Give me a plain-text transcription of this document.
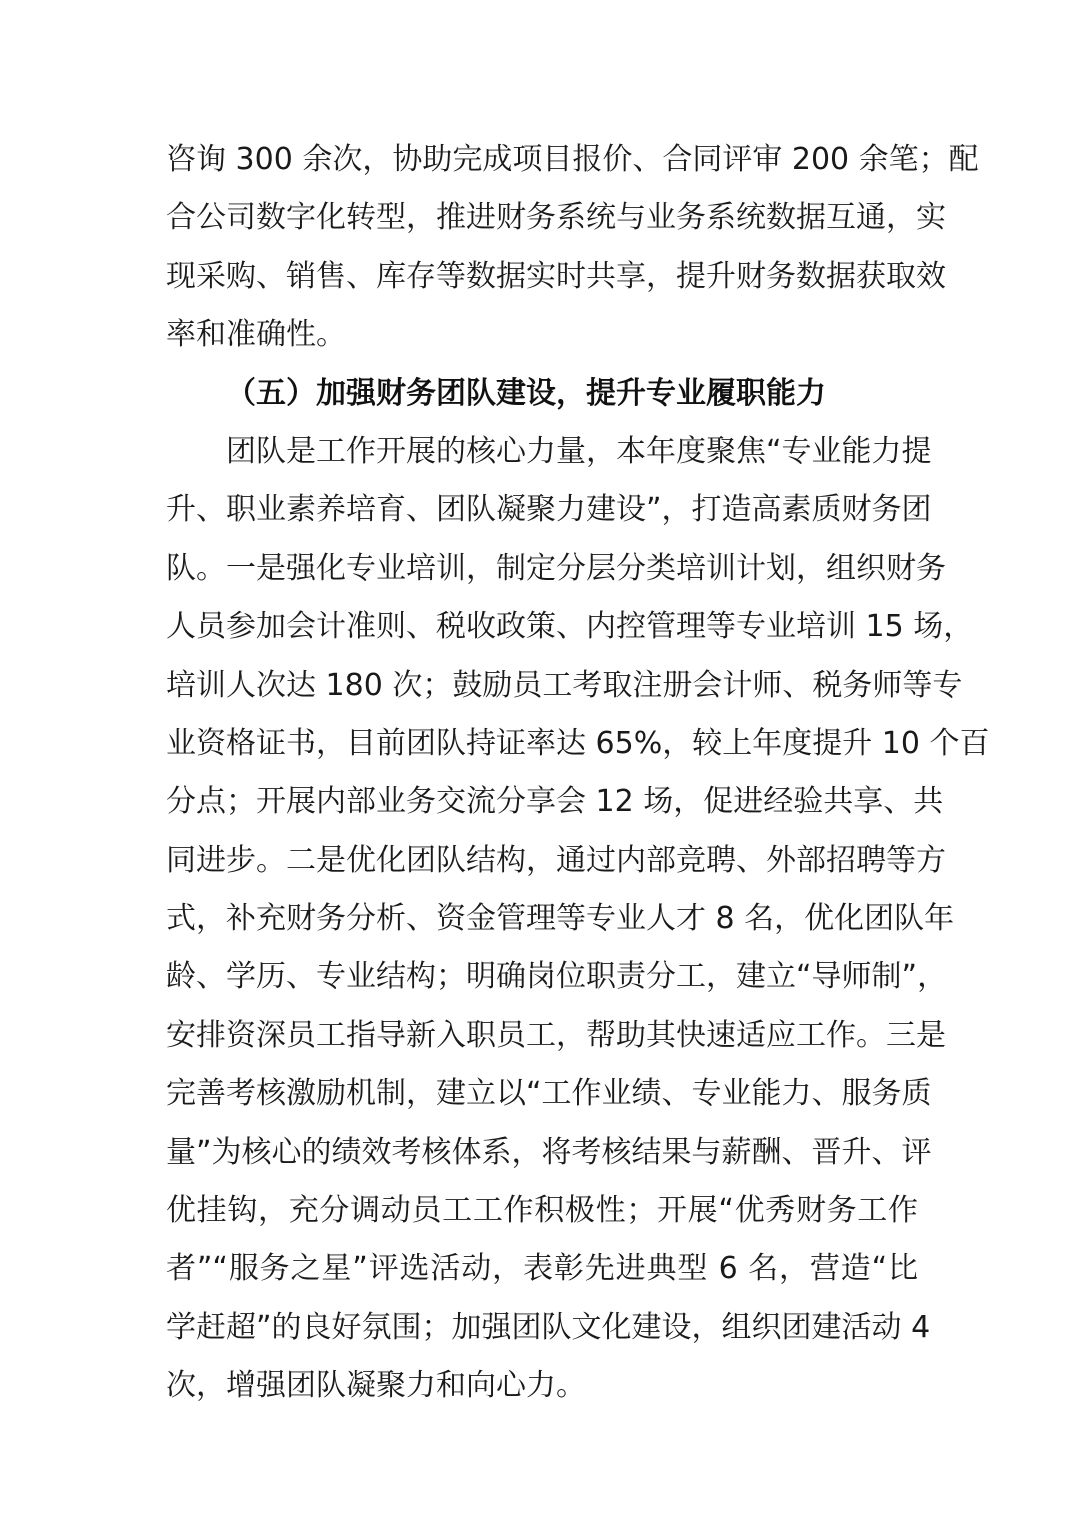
咨询 300 余次，协助完成项目报价、合同评审 200 余笔；配
合公司数字化转型，推进财务系统与业务系统数据互通，实
现采购、销售、库存等数据实时共享，提升财务数据获取效
率和准确性。
（五）加强财务团队建设，提升专业履职能力
团队是工作开展的核心力量，本年度聚焦“专业能力提
升、职业素养培育、团队凝聚力建设”，打造高素质财务团
队。一是强化专业培训，制定分层分类培训计划，组织财务
人员参加会计准则、税收政策、内控管理等专业培训 15 场，
培训人次达 180 次；鼓励员工考取注册会计师、税务师等专
业资格证书，目前团队持证率达 65%，较上年度提升 10 个百
分点；开展内部业务交流分享会 12 场，促进经验共享、共
同进步。二是优化团队结构，通过内部竞聘、外部招聘等方
式，补充财务分析、资金管理等专业人才 8 名，优化团队年
龄、学历、专业结构；明确岗位职责分工，建立“导师制”，
安排资深员工指导新入职员工，帮助其快速适应工作。三是
完善考核激励机制，建立以“工作业绩、专业能力、服务质
量”为核心的绩效考核体系，将考核结果与薪酬、晋升、评
优挂钩，充分调动员工工作积极性；开展“优秀财务工作
者”“服务之星”评选活动，表彰先进典型 6 名，营造“比
学赶超”的良好氛围；加强团队文化建设，组织团建活动 4
次，增强团队凝聚力和向心力。
